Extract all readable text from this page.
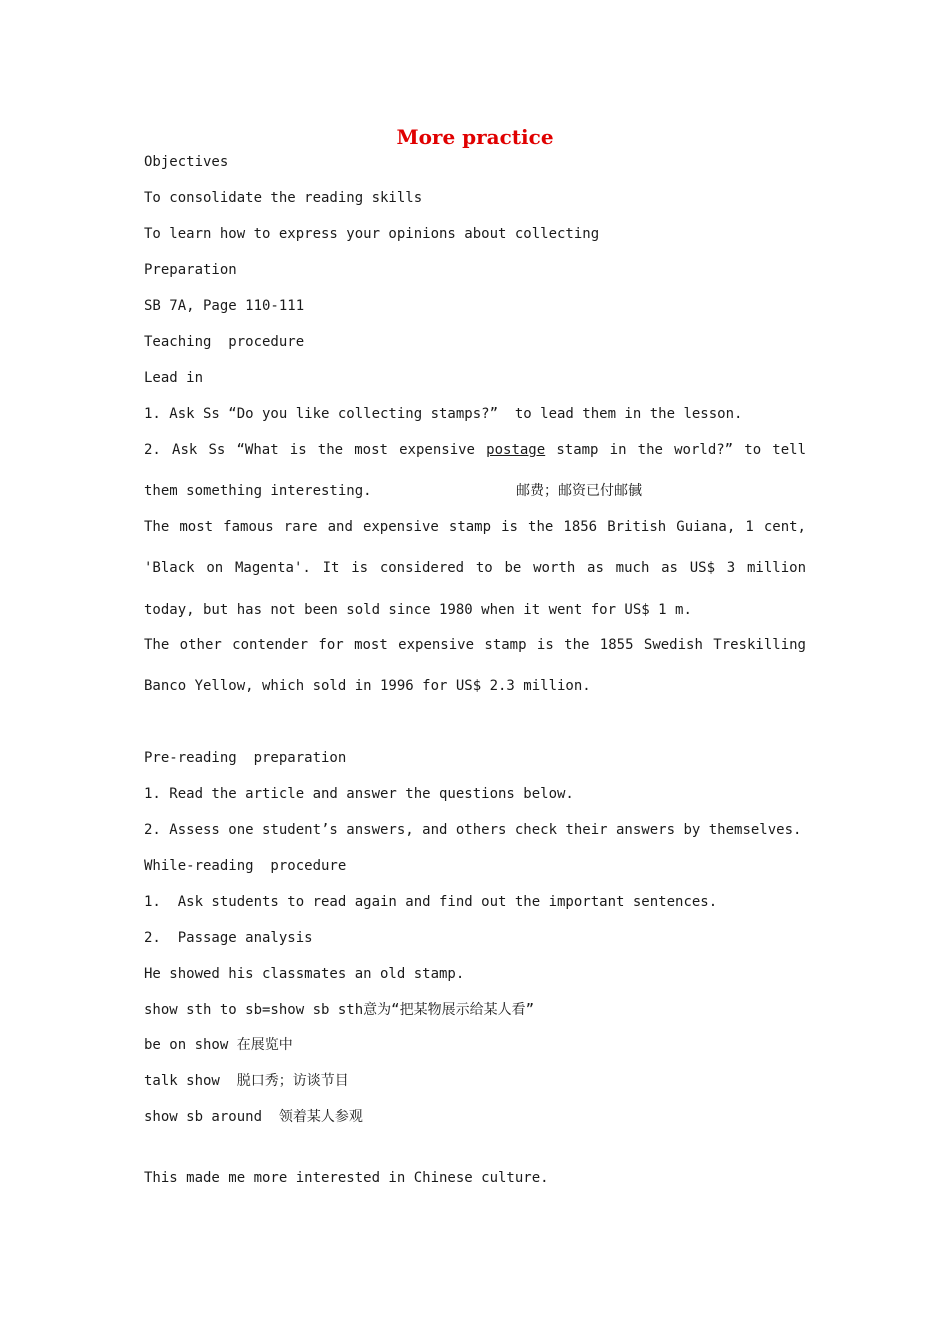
More practice
Objectives
To consolidate the reading skills
To learn how to express your opinions about collecting
Preparation
SB 7A, Page 110-111
Teaching  procedure
Lead in
1. Ask Ss “Do you like collecting stamps?”  to lead them in the lesson.
2. Ask Ss “What is the most expensive postage stamp in the world?” to tell
them something interesting.	邮费；邮资已付邮戫
The most famous rare and expensive stamp is the 1856 British Guiana, 1 cent,
'Black on Magenta'. It is considered to be worth as much as US$ 3 million
today, but has not been sold since 1980 when it went for US$ 1 m.
The other contender for most expensive stamp is the 1855 Swedish Treskilling
Banco Yellow, which sold in 1996 for US$ 2.3 million.
Pre-reading  preparation
1. Read the article and answer the questions below.
2. Assess one student’s answers, and others check their answers by themselves.
While-reading  procedure
1.  Ask students to read again and find out the important sentences.
2.  Passage analysis
He showed his classmates an old stamp.
show sth to sb=show sb sth意为“把某物展示给某人看”
be on show 在展览中
talk show  脱口秀；访谈节目
show sb around  领着某人参观
This made me more interested in Chinese culture.
